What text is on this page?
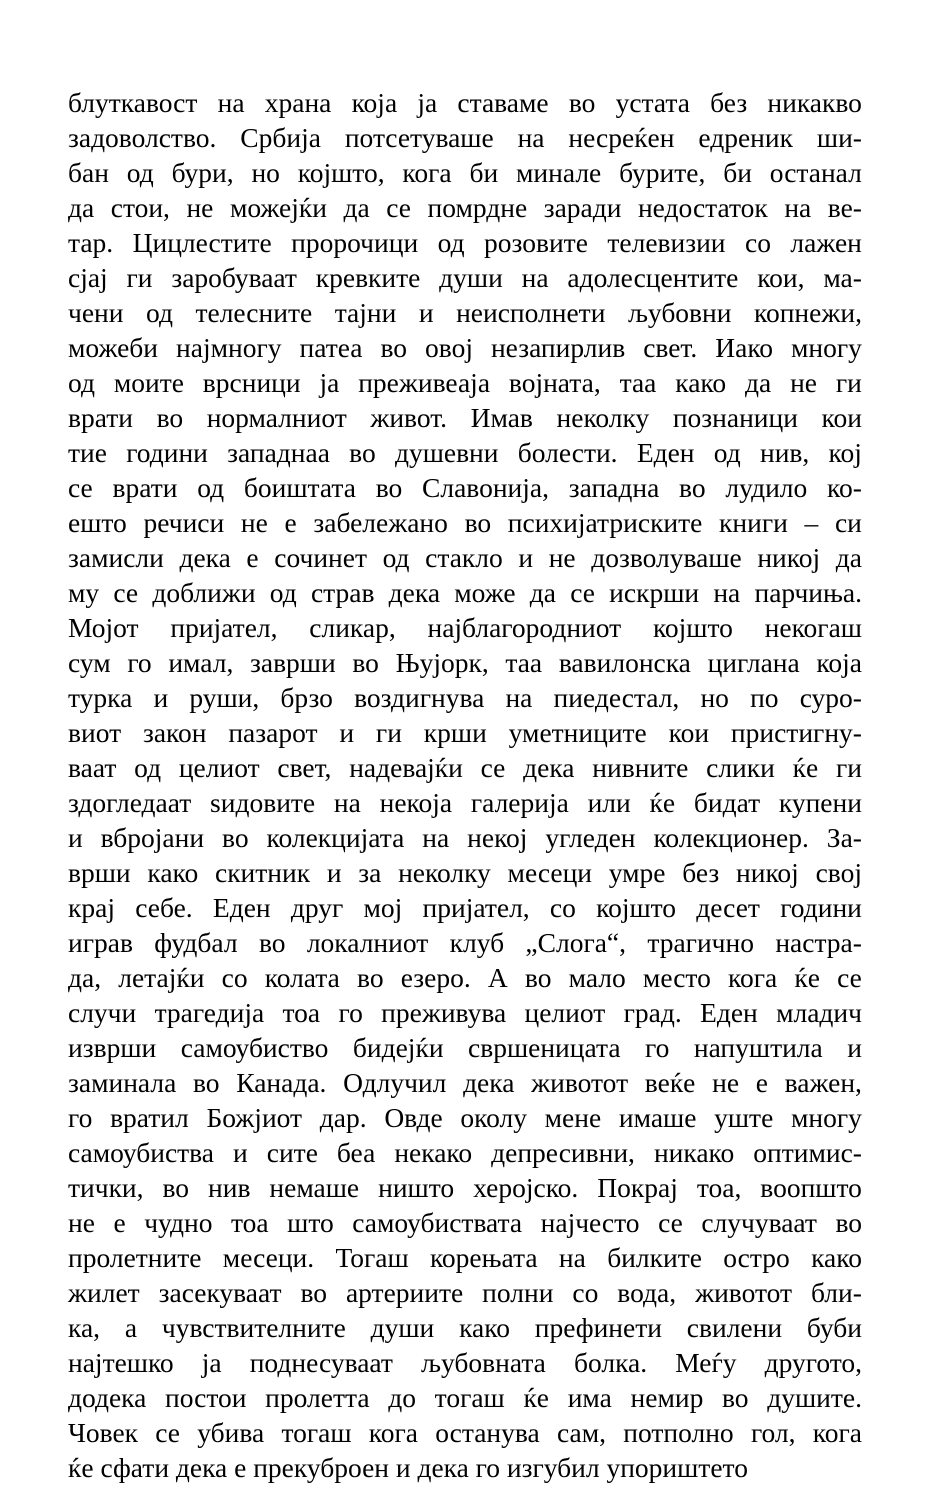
блуткавост на храна која ја ставаме во устата без никакво
задоволство. Србија потсетуваше на несреќен едреник ши-
бан од бури, но којшто, кога би минале бурите, би останал
да стои, не можејќи да се помрдне заради недостаток на ве-
тар. Цицлестите пророчици од розовите телевизии со лажен
сјај ги заробуваат кревките души на адолесцентите кои, ма-
чени од телесните тајни и неисполнети љубовни копнежи,
можеби најмногу патеа во овој незапирлив свет. Иако многу
од моите врсници ја преживеаја војната, таа како да не ги
врати во нормалниот живот. Имав неколку познаници кои
тие години западнаа во душевни болести. Еден од нив, кој
се врати од боиштата во Славонија, западна во лудило ко-
ешто речиси не е забележано во психијатриските книги – си
замисли дека е сочинет од стакло и не дозволуваше никој да
му се доближи од страв дека може да се искрши на парчиња.
Мојот пријател, сликар, најблагородниот којшто некогаш
сум го имал, заврши во Њујорк, таа вавилонска циглана која
турка и руши, брзо воздигнува на пиедестал, но по суро-
виот закон пазарот и ги крши уметниците кои пристигну-
ваат од целиот свет, надевајќи се дека нивните слики ќе ги
здогледаат ѕидовите на некоја галерија или ќе бидат купени
и вбројани во колекцијата на некој угледен колекционер. За-
врши како скитник и за неколку месеци умре без никој свој
крај себе. Еден друг мој пријател, со којшто десет години
играв фудбал во локалниот клуб „Слога“, трагично настра-
да, летајќи со колата во езеро. А во мало место кога ќе се
случи трагедија тоа го преживува целиот град. Еден младич
изврши самоубиство бидејќи свршеницата го напуштила и
заминала во Канада. Одлучил дека животот веќе не е важен,
го вратил Божјиот дар. Овде околу мене имаше уште многу
самоубиства и сите беа некако депресивни, никако оптимис-
тички, во нив немаше ништо херојско. Покрај тоа, воопшто
не е чудно тоа што самоубиствата најчесто се случуваат во
пролетните месеци. Тогаш корењата на билките остро како
жилет засекуваат во артериите полни со вода, животот бли-
ка, а чувствителните души како префинети свилени буби
најтешко ја поднесуваат љубовната болка. Меѓу другото,
додека постои пролетта до тогаш ќе има немир во душите.
Човек се убива тогаш кога останува сам, потполно гол, кога
ќе сфати дека е прекуброен и дека го изгубил упориштето
